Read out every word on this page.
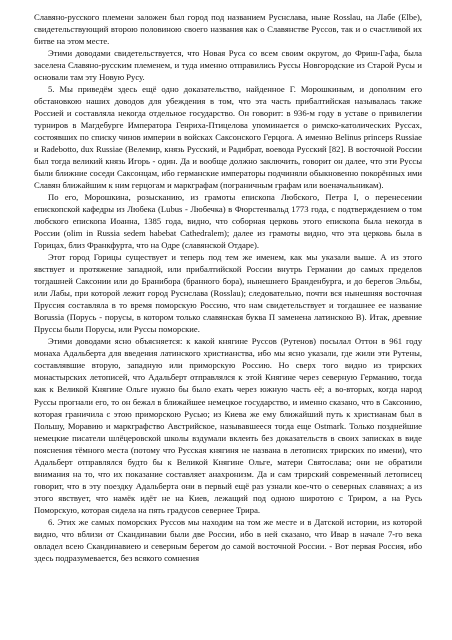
Славяно-русского племени заложен был город под названием Руснслава, ныне Rosslau, на Лабе (Elbe), свидетельствующий второю половиною своего названия как о Славянстве Руссов, так и о счастливой их битве на этом месте.

Этими доводами свидетельствуется, что Новая Руса со всем своим округом, до Фриш-Гафа, была заселена Славяно-русским племенем, и туда именно отправились Руссы Новгородские из Старой Русы и основали там эту Новую Русу.

5. Мы приведём здесь ещё одно доказательство, найденное Г. Морошкиным, и дополним его обстановкою наших доводов для убеждения в том, что эта часть прибалтийская называлась также Россией и составляла некогда отдельное государство. Он говорит: в 936-м году в уставе о привилегии турниров в Магдебурге Императора Генриха-Птицелова упоминается о римско-католических Руссах, состоявших по списку чинов империи в войсках Саксонского Герцога. А именно Belinus princeps Russiae и Radebotto, dux Russiae (Велемир, князь Русский, и Радибрат, воевода Русский [82]. В восточной России был тогда великий князь Игорь - один. Да и вообще должно заключить, говорит он далее, что эти Руссы были ближние соседи Саксонцам, ибо германские императоры подчиняли обыкновенно покорённых ими Славян ближайшим к ним герцогам и маркграфам (пограничным графам или военачальникам).

По его, Морошкина, розысканию, из грамоты епископа Любского, Петра I, о перенесении епископской кафедры из Любека (Lubus - Любечка) в Фюрстенвальд 1773 года, с подтверждением о том любского епископа Иоанна, 1385 года, видно, что соборная церковь этого епископа была некогда в России (olim in Russia sedem habebat Cathedralem); далее из грамоты видно, что эта церковь была в Горицах, близ Франкфурта, что на Одре (славянской Отдаре).

Этот город Горицы существует и теперь под тем же именем, как мы указали выше. А из этого явствует и протяжение западной, или прибалтийской России внутрь Германии до самых пределов тогдашней Саксонии или до Бранибора (бранного бора), нынешнего Бранденбурга, и до берегов Эльбы, или Лабы, при которой лежит город Руснслава (Rosslau); следовательно, почти вся нынешняя восточная Пруссия составляла в то время поморскую Россию, что нам свидетельствует и тогдашнее ее название Borussia (Порусь - порусы, в котором только славянская буква П заменена латинскою B). Итак, древние Пруссы были Порусы, или Руссы поморские.

Этими доводами ясно объясняется: к какой княгине Руссов (Рутенов) посылал Оттон в 961 году монаха Адальберта для введения латинского христианства, ибо мы ясно указали, где жили эти Рутены, составлявшие вторую, западную или приморскую Россию. Но сверх того видно из трирских монастырских летописей, что Адальберт отправлялся к этой Княгине через северную Германию, тогда как к Великой Княгине Ольге нужно бы было ехать через южную часть её; а во-вторых, когда народ Руссы прогнали его, то он бежал в ближайшее немецкое государство, и именно сказано, что в Саксонию, которая граничила с этою приморскою Русью; из Киева же ему ближайший путь к христианам был в Польшу, Моравию и маркграфство Австрийское, называвшееся тогда еще Ostmark. Только позднейшие немецкие писатели шлёцеровской школы вздумали вклеить без доказательств в своих записках в виде пояснения тёмного места (потому что Русская княгиня не названа в летописях трирских по имени), что Адальберт отправлялся будто бы к Великой Княгине Ольге, матери Святослава; они не обратили внимания на то, что их показание составляет анахронизм. Да и сам трирский современный летописец говорит, что в эту поездку Адальберта они в первый ещё раз узнали кое-что о северных славянах; а из этого явствует, что намёк идёт не на Киев, лежащий под одною широтою с Триром, а на Русь Поморскую, которая сидела на пять градусов севернее Трира.

6. Этих же самых поморских Руссов мы находим на том же месте и в Датской истории, из которой видно, что вблизи от Скандинавии были две России, ибо в ней сказано, что Ивар в начале 7-го века овладел всею Скандинавиею и северным берегом до самой восточной России. - Вот первая Россия, ибо здесь подразумевается, без всякого сомнения
